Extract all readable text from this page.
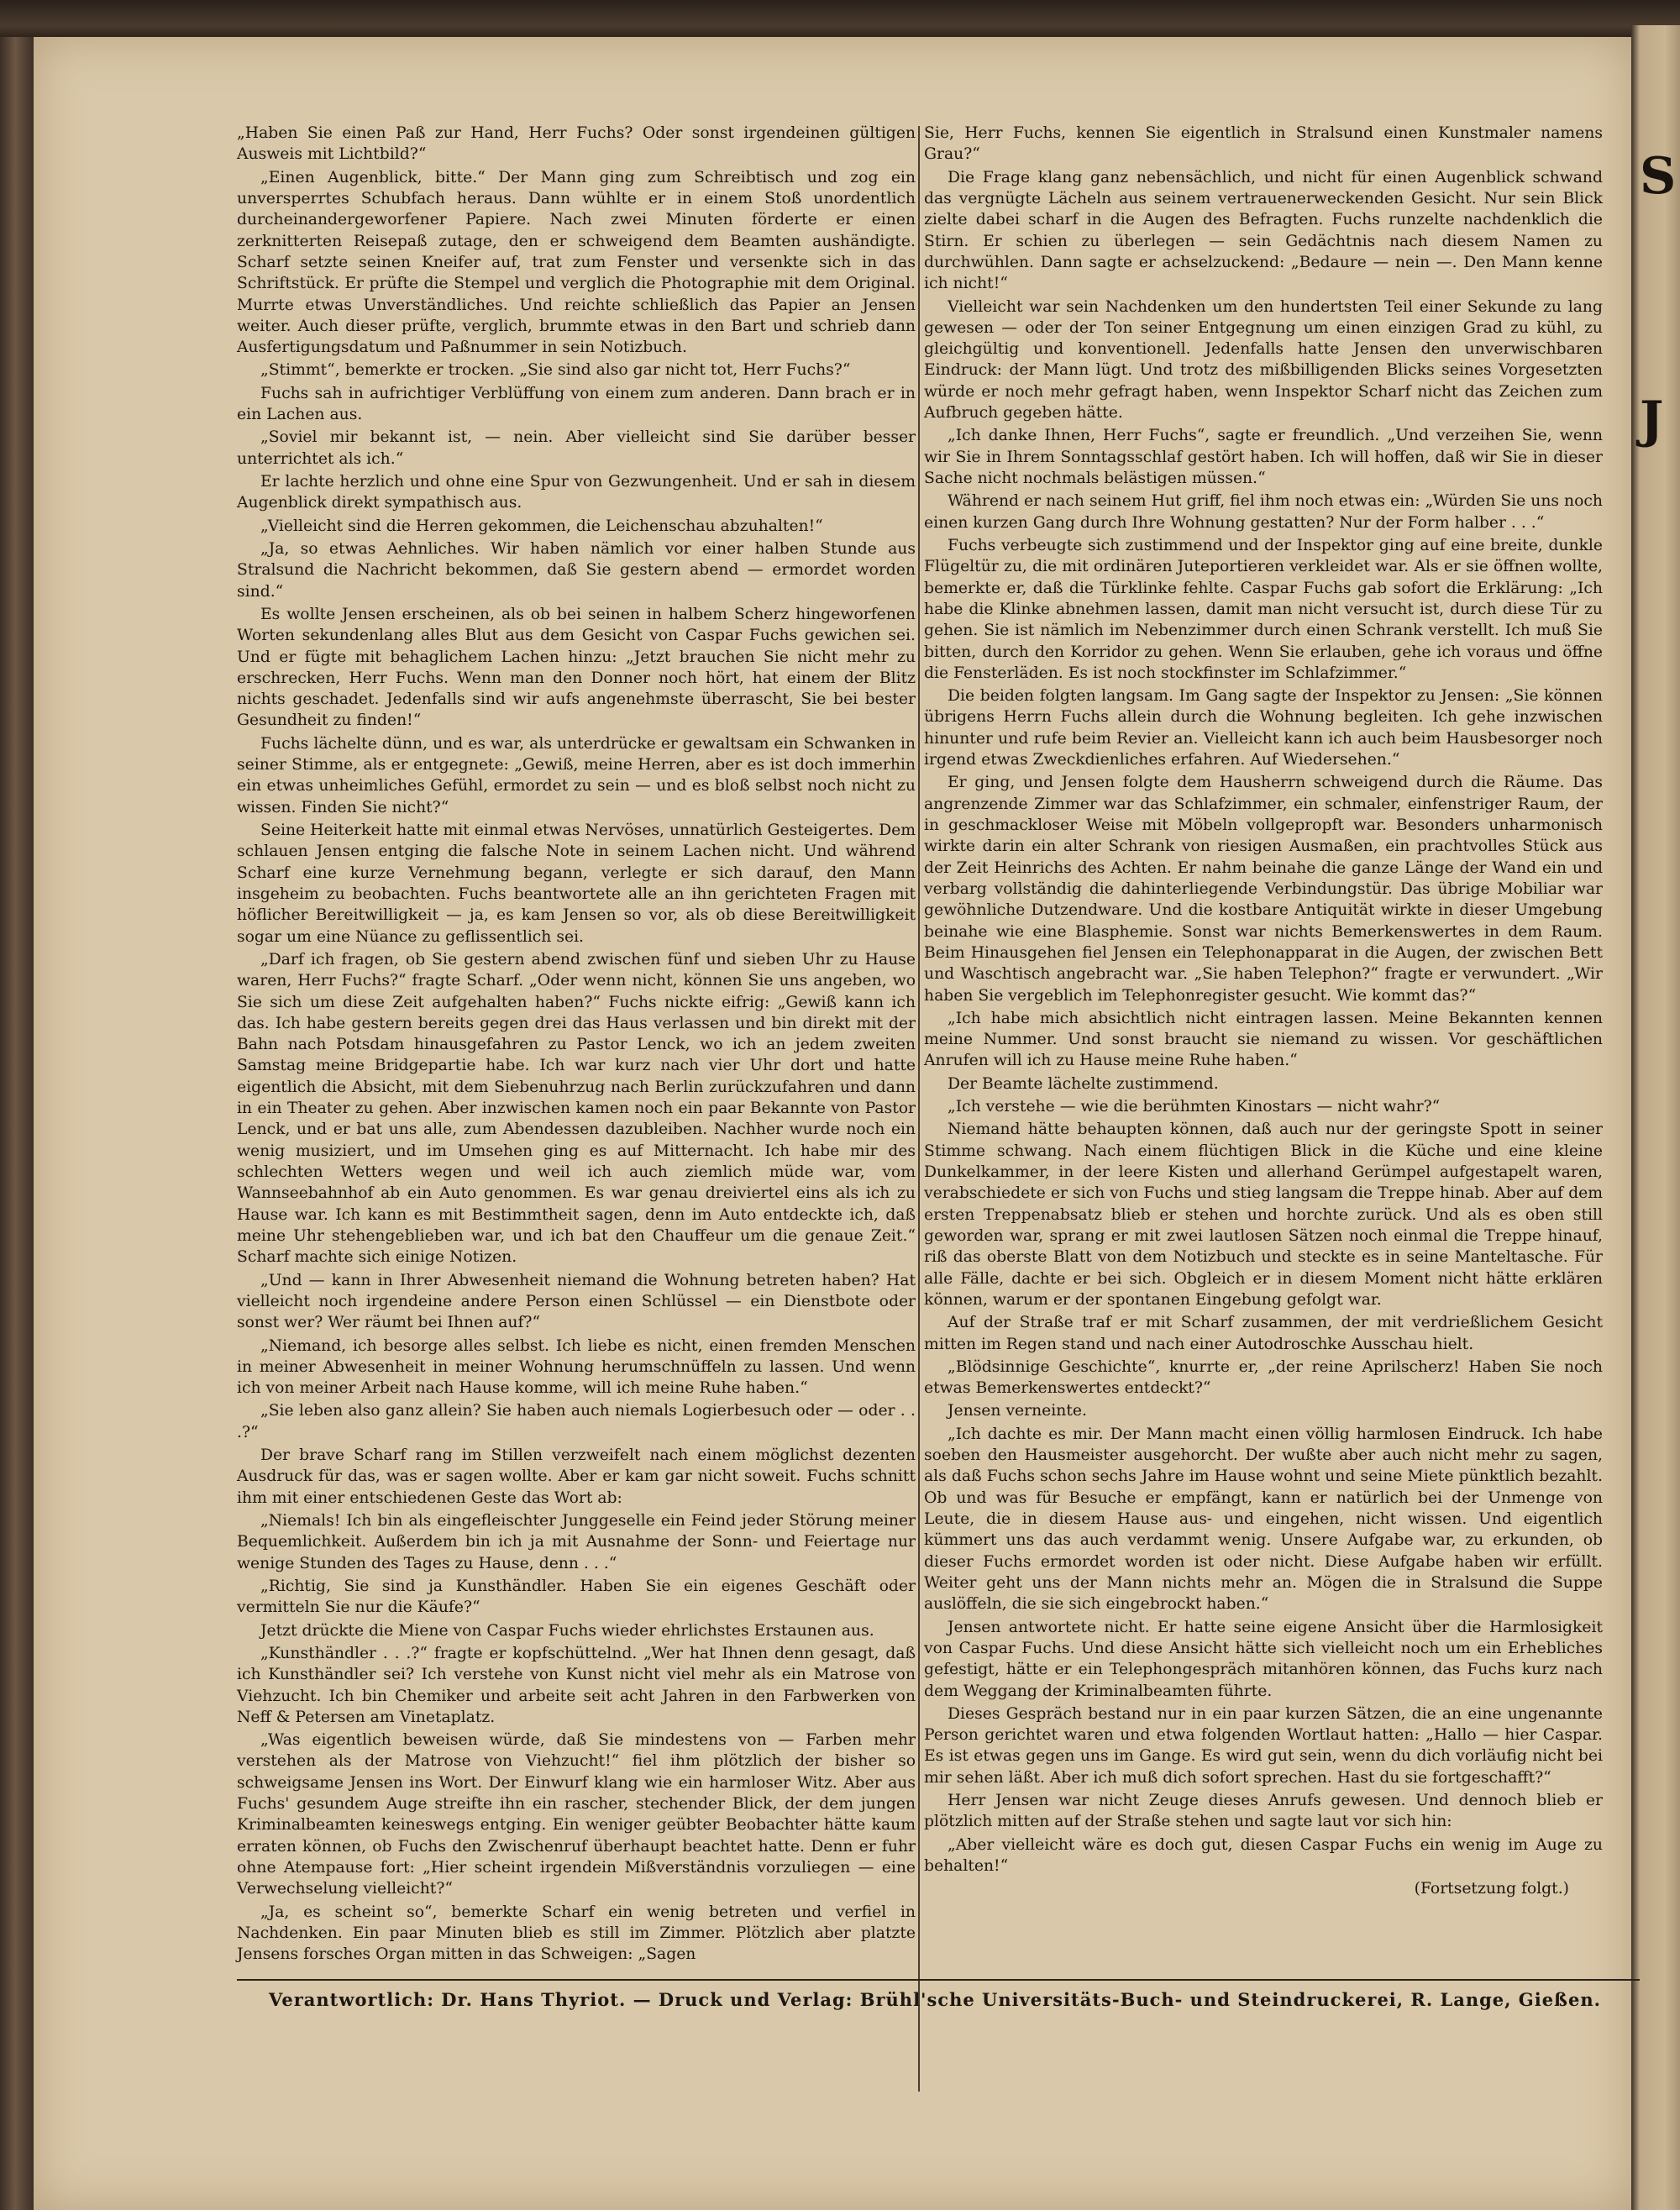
S
J

„Haben Sie einen Paß zur Hand, Herr Fuchs? Oder sonst irgendeinen gültigen Ausweis mit Lichtbild?“

„Einen Augenblick, bitte.“ Der Mann ging zum Schreibtisch und zog ein unversperrtes Schubfach heraus. Dann wühlte er in einem Stoß unordentlich durcheinandergeworfener Papiere. Nach zwei Minuten förderte er einen zerknitterten Reisepaß zutage, den er schweigend dem Beamten aushändigte. Scharf setzte seinen Kneifer auf, trat zum Fenster und versenkte sich in das Schriftstück. Er prüfte die Stempel und verglich die Photographie mit dem Original. Murrte etwas Unverständliches. Und reichte schließlich das Papier an Jensen weiter. Auch dieser prüfte, verglich, brummte etwas in den Bart und schrieb dann Ausfertigungsdatum und Paßnummer in sein Notizbuch.

„Stimmt“, bemerkte er trocken. „Sie sind also gar nicht tot, Herr Fuchs?“

Fuchs sah in aufrichtiger Verblüffung von einem zum anderen. Dann brach er in ein Lachen aus.

„Soviel mir bekannt ist, — nein. Aber vielleicht sind Sie darüber besser unterrichtet als ich.“

Er lachte herzlich und ohne eine Spur von Gezwungenheit. Und er sah in diesem Augenblick direkt sympathisch aus.

„Vielleicht sind die Herren gekommen, die Leichenschau abzuhalten!“

„Ja, so etwas Aehnliches. Wir haben nämlich vor einer halben Stunde aus Stralsund die Nachricht bekommen, daß Sie gestern abend — ermordet worden sind.“

Es wollte Jensen erscheinen, als ob bei seinen in halbem Scherz hingeworfenen Worten sekundenlang alles Blut aus dem Gesicht von Caspar Fuchs gewichen sei. Und er fügte mit behaglichem Lachen hinzu: „Jetzt brauchen Sie nicht mehr zu erschrecken, Herr Fuchs. Wenn man den Donner noch hört, hat einem der Blitz nichts geschadet. Jedenfalls sind wir aufs angenehmste überrascht, Sie bei bester Gesundheit zu finden!“

Fuchs lächelte dünn, und es war, als unterdrücke er gewaltsam ein Schwanken in seiner Stimme, als er entgegnete: „Gewiß, meine Herren, aber es ist doch immerhin ein etwas unheimliches Gefühl, ermordet zu sein — und es bloß selbst noch nicht zu wissen. Finden Sie nicht?“

Seine Heiterkeit hatte mit einmal etwas Nervöses, unnatürlich Gesteigertes. Dem schlauen Jensen entging die falsche Note in seinem Lachen nicht. Und während Scharf eine kurze Vernehmung begann, verlegte er sich darauf, den Mann insgeheim zu beobachten. Fuchs beantwortete alle an ihn gerichteten Fragen mit höflicher Bereitwilligkeit — ja, es kam Jensen so vor, als ob diese Bereitwilligkeit sogar um eine Nüance zu geflissentlich sei.

„Darf ich fragen, ob Sie gestern abend zwischen fünf und sieben Uhr zu Hause waren, Herr Fuchs?“ fragte Scharf. „Oder wenn nicht, können Sie uns angeben, wo Sie sich um diese Zeit aufgehalten haben?“ Fuchs nickte eifrig: „Gewiß kann ich das. Ich habe gestern bereits gegen drei das Haus verlassen und bin direkt mit der Bahn nach Potsdam hinausgefahren zu Pastor Lenck, wo ich an jedem zweiten Samstag meine Bridgepartie habe. Ich war kurz nach vier Uhr dort und hatte eigentlich die Absicht, mit dem Siebenuhrzug nach Berlin zurückzufahren und dann in ein Theater zu gehen. Aber inzwischen kamen noch ein paar Bekannte von Pastor Lenck, und er bat uns alle, zum Abendessen dazubleiben. Nachher wurde noch ein wenig musiziert, und im Umsehen ging es auf Mitternacht. Ich habe mir des schlechten Wetters wegen und weil ich auch ziemlich müde war, vom Wannseebahnhof ab ein Auto genommen. Es war genau dreiviertel eins als ich zu Hause war. Ich kann es mit Bestimmtheit sagen, denn im Auto entdeckte ich, daß meine Uhr stehengeblieben war, und ich bat den Chauffeur um die genaue Zeit.“ Scharf machte sich einige Notizen.

„Und — kann in Ihrer Abwesenheit niemand die Wohnung betreten haben? Hat vielleicht noch irgendeine andere Person einen Schlüssel — ein Dienstbote oder sonst wer? Wer räumt bei Ihnen auf?“

„Niemand, ich besorge alles selbst. Ich liebe es nicht, einen fremden Menschen in meiner Abwesenheit in meiner Wohnung herumschnüffeln zu lassen. Und wenn ich von meiner Arbeit nach Hause komme, will ich meine Ruhe haben.“

„Sie leben also ganz allein? Sie haben auch niemals Logierbesuch oder — oder . . .?“

Der brave Scharf rang im Stillen verzweifelt nach einem möglichst dezenten Ausdruck für das, was er sagen wollte. Aber er kam gar nicht soweit. Fuchs schnitt ihm mit einer entschiedenen Geste das Wort ab:

„Niemals! Ich bin als eingefleischter Junggeselle ein Feind jeder Störung meiner Bequemlichkeit. Außerdem bin ich ja mit Ausnahme der Sonn- und Feiertage nur wenige Stunden des Tages zu Hause, denn . . .“

„Richtig, Sie sind ja Kunsthändler. Haben Sie ein eigenes Geschäft oder vermitteln Sie nur die Käufe?“

Jetzt drückte die Miene von Caspar Fuchs wieder ehrlichstes Erstaunen aus.

„Kunsthändler . . .?“ fragte er kopfschüttelnd. „Wer hat Ihnen denn gesagt, daß ich Kunsthändler sei? Ich verstehe von Kunst nicht viel mehr als ein Matrose von Viehzucht. Ich bin Chemiker und arbeite seit acht Jahren in den Farbwerken von Neff & Petersen am Vinetaplatz.

„Was eigentlich beweisen würde, daß Sie mindestens von — Farben mehr verstehen als der Matrose von Viehzucht!“ fiel ihm plötzlich der bisher so schweigsame Jensen ins Wort. Der Einwurf klang wie ein harmloser Witz. Aber aus Fuchs' gesundem Auge streifte ihn ein rascher, stechender Blick, der dem jungen Kriminalbeamten keineswegs entging. Ein weniger geübter Beobachter hätte kaum erraten können, ob Fuchs den Zwischenruf überhaupt beachtet hatte. Denn er fuhr ohne Atempause fort: „Hier scheint irgendein Mißverständnis vorzuliegen — eine Verwechselung vielleicht?“

„Ja, es scheint so“, bemerkte Scharf ein wenig betreten und verfiel in Nachdenken. Ein paar Minuten blieb es still im Zimmer. Plötzlich aber platzte Jensens forsches Organ mitten in das Schweigen: „Sagen

Sie, Herr Fuchs, kennen Sie eigentlich in Stralsund einen Kunstmaler namens Grau?“

Die Frage klang ganz nebensächlich, und nicht für einen Augenblick schwand das vergnügte Lächeln aus seinem vertrauenerweckenden Gesicht. Nur sein Blick zielte dabei scharf in die Augen des Befragten. Fuchs runzelte nachdenklich die Stirn. Er schien zu überlegen — sein Gedächtnis nach diesem Namen zu durchwühlen. Dann sagte er achselzuckend: „Bedaure — nein —. Den Mann kenne ich nicht!“

Vielleicht war sein Nachdenken um den hundertsten Teil einer Sekunde zu lang gewesen — oder der Ton seiner Entgegnung um einen einzigen Grad zu kühl, zu gleichgültig und konventionell. Jedenfalls hatte Jensen den unverwischbaren Eindruck: der Mann lügt. Und trotz des mißbilligenden Blicks seines Vorgesetzten würde er noch mehr gefragt haben, wenn Inspektor Scharf nicht das Zeichen zum Aufbruch gegeben hätte.

„Ich danke Ihnen, Herr Fuchs“, sagte er freundlich. „Und verzeihen Sie, wenn wir Sie in Ihrem Sonntagsschlaf gestört haben. Ich will hoffen, daß wir Sie in dieser Sache nicht nochmals belästigen müssen.“

Während er nach seinem Hut griff, fiel ihm noch etwas ein: „Würden Sie uns noch einen kurzen Gang durch Ihre Wohnung gestatten? Nur der Form halber . . .“

Fuchs verbeugte sich zustimmend und der Inspektor ging auf eine breite, dunkle Flügeltür zu, die mit ordinären Juteportieren verkleidet war. Als er sie öffnen wollte, bemerkte er, daß die Türklinke fehlte. Caspar Fuchs gab sofort die Erklärung: „Ich habe die Klinke abnehmen lassen, damit man nicht versucht ist, durch diese Tür zu gehen. Sie ist nämlich im Nebenzimmer durch einen Schrank verstellt. Ich muß Sie bitten, durch den Korridor zu gehen. Wenn Sie erlauben, gehe ich voraus und öffne die Fensterläden. Es ist noch stockfinster im Schlafzimmer.“

Die beiden folgten langsam. Im Gang sagte der Inspektor zu Jensen: „Sie können übrigens Herrn Fuchs allein durch die Wohnung begleiten. Ich gehe inzwischen hinunter und rufe beim Revier an. Vielleicht kann ich auch beim Hausbesorger noch irgend etwas Zweckdienliches erfahren. Auf Wiedersehen.“

Er ging, und Jensen folgte dem Hausherrn schweigend durch die Räume. Das angrenzende Zimmer war das Schlafzimmer, ein schmaler, einfenstriger Raum, der in geschmackloser Weise mit Möbeln vollgepropft war. Besonders unharmonisch wirkte darin ein alter Schrank von riesigen Ausmaßen, ein prachtvolles Stück aus der Zeit Heinrichs des Achten. Er nahm beinahe die ganze Länge der Wand ein und verbarg vollständig die dahinterliegende Verbindungstür. Das übrige Mobiliar war gewöhnliche Dutzendware. Und die kostbare Antiquität wirkte in dieser Umgebung beinahe wie eine Blasphemie. Sonst war nichts Bemerkenswertes in dem Raum. Beim Hinausgehen fiel Jensen ein Telephonapparat in die Augen, der zwischen Bett und Waschtisch angebracht war. „Sie haben Telephon?“ fragte er verwundert. „Wir haben Sie vergeblich im Telephonregister gesucht. Wie kommt das?“

„Ich habe mich absichtlich nicht eintragen lassen. Meine Bekannten kennen meine Nummer. Und sonst braucht sie niemand zu wissen. Vor geschäftlichen Anrufen will ich zu Hause meine Ruhe haben.“

Der Beamte lächelte zustimmend.

„Ich verstehe — wie die berühmten Kinostars — nicht wahr?“

Niemand hätte behaupten können, daß auch nur der geringste Spott in seiner Stimme schwang. Nach einem flüchtigen Blick in die Küche und eine kleine Dunkelkammer, in der leere Kisten und allerhand Gerümpel aufgestapelt waren, verabschiedete er sich von Fuchs und stieg langsam die Treppe hinab. Aber auf dem ersten Treppenabsatz blieb er stehen und horchte zurück. Und als es oben still geworden war, sprang er mit zwei lautlosen Sätzen noch einmal die Treppe hinauf, riß das oberste Blatt von dem Notizbuch und steckte es in seine Manteltasche. Für alle Fälle, dachte er bei sich. Obgleich er in diesem Moment nicht hätte erklären können, warum er der spontanen Eingebung gefolgt war.

Auf der Straße traf er mit Scharf zusammen, der mit verdrießlichem Gesicht mitten im Regen stand und nach einer Autodroschke Ausschau hielt.

„Blödsinnige Geschichte“, knurrte er, „der reine Aprilscherz! Haben Sie noch etwas Bemerkenswertes entdeckt?“

Jensen verneinte.

„Ich dachte es mir. Der Mann macht einen völlig harmlosen Eindruck. Ich habe soeben den Hausmeister ausgehorcht. Der wußte aber auch nicht mehr zu sagen, als daß Fuchs schon sechs Jahre im Hause wohnt und seine Miete pünktlich bezahlt. Ob und was für Besuche er empfängt, kann er natürlich bei der Unmenge von Leute, die in diesem Hause aus- und eingehen, nicht wissen. Und eigentlich kümmert uns das auch verdammt wenig. Unsere Aufgabe war, zu erkunden, ob dieser Fuchs ermordet worden ist oder nicht. Diese Aufgabe haben wir erfüllt. Weiter geht uns der Mann nichts mehr an. Mögen die in Stralsund die Suppe auslöffeln, die sie sich eingebrockt haben.“

Jensen antwortete nicht. Er hatte seine eigene Ansicht über die Harmlosigkeit von Caspar Fuchs. Und diese Ansicht hätte sich vielleicht noch um ein Erhebliches gefestigt, hätte er ein Telephongespräch mitanhören können, das Fuchs kurz nach dem Weggang der Kriminalbeamten führte.

Dieses Gespräch bestand nur in ein paar kurzen Sätzen, die an eine ungenannte Person gerichtet waren und etwa folgenden Wortlaut hatten: „Hallo — hier Caspar. Es ist etwas gegen uns im Gange. Es wird gut sein, wenn du dich vorläufig nicht bei mir sehen läßt. Aber ich muß dich sofort sprechen. Hast du sie fortgeschafft?“

Herr Jensen war nicht Zeuge dieses Anrufs gewesen. Und dennoch blieb er plötzlich mitten auf der Straße stehen und sagte laut vor sich hin:

„Aber vielleicht wäre es doch gut, diesen Caspar Fuchs ein wenig im Auge zu behalten!“

(Fortsetzung folgt.)

Verantwortlich: Dr. Hans Thyriot. — Druck und Verlag: Brühl'sche Universitäts-Buch- und Steindruckerei, R. Lange, Gießen.
